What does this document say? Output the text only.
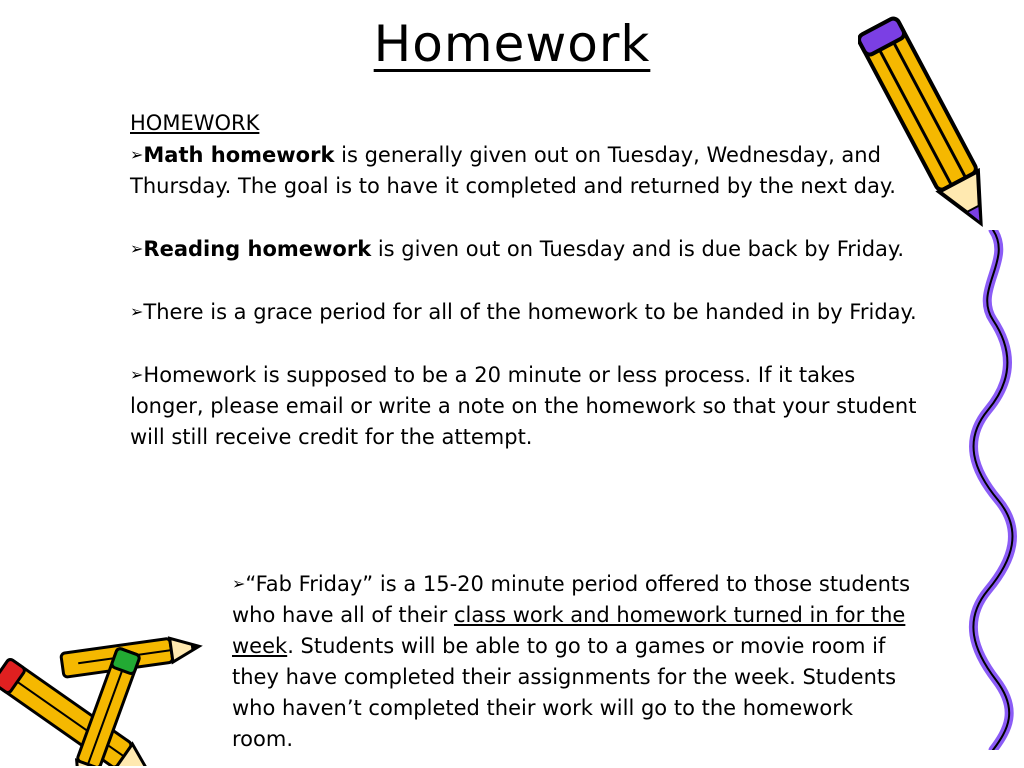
Homework
HOMEWORK

➢Math homework is generally given out on Tuesday, Wednesday, and Thursday. The goal is to have it completed and returned by the next day.

➢Reading homework is given out on Tuesday and is due back by Friday.

➢There is a grace period for all of the homework to be handed in by Friday.

➢Homework is supposed to be a 20 minute or less process. If it takes longer, please email or write a note on the homework so that your student will still receive credit for the attempt.

➢“Fab Friday” is a 15-20 minute period offered to those students who have all of their class work and homework turned in for the week. Students will be able to go to a games or movie room if they have completed their assignments for the week. Students who haven’t completed their work will go to the homework room.
